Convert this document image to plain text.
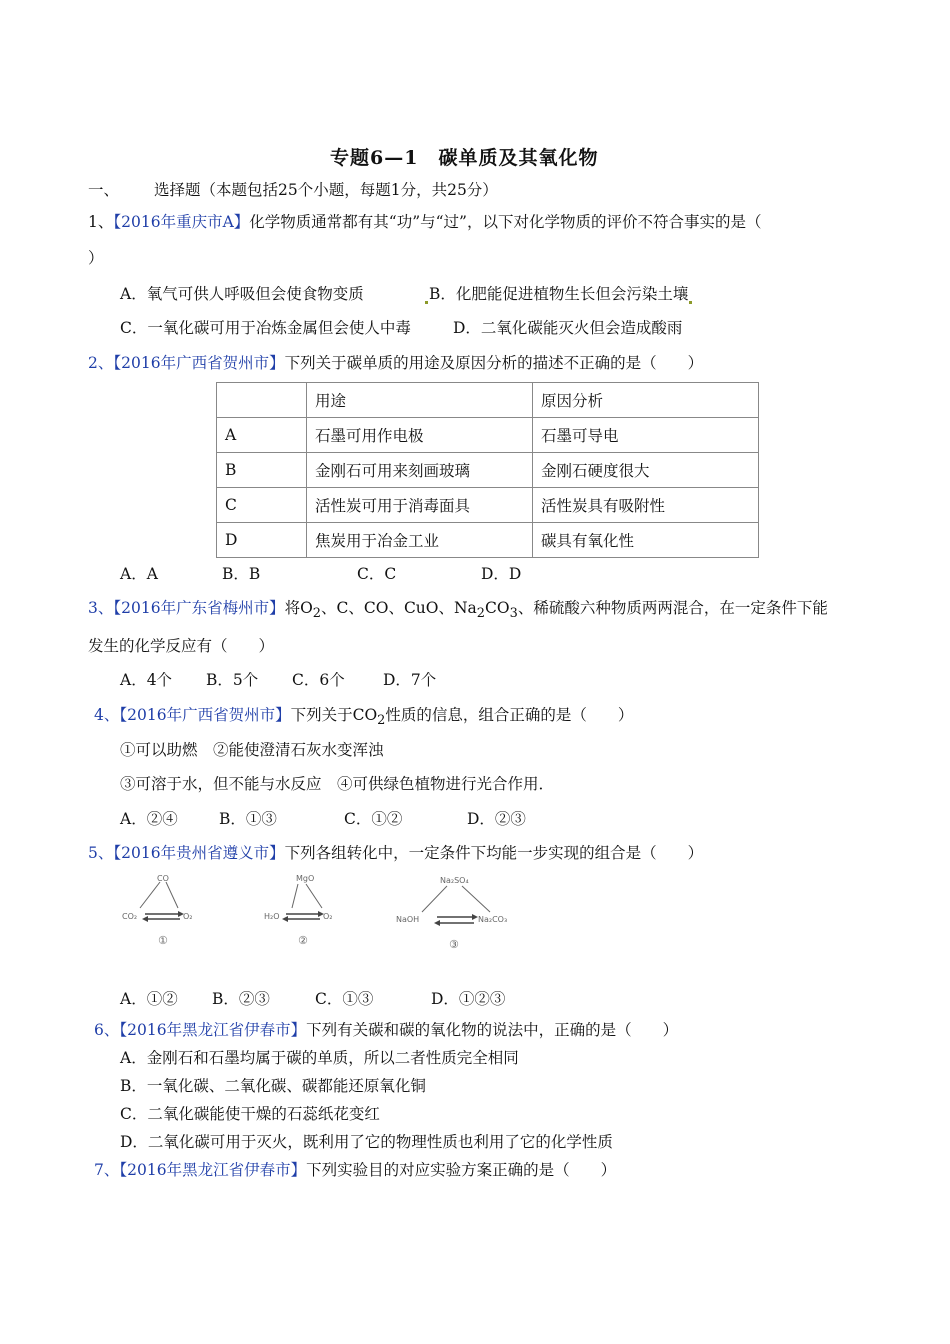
专题6—1　碳单质及其氧化物
一、 选择题（本题包括25个小题，每题1分，共25分）
1、【2016年重庆市A】化学物质通常都有其“功”与“过”，以下对化学物质的评价不符合事实的是（
）
A．氧气可供人呼吸但会使食物变质	B．化肥能促进植物生长但会污染土壤
C．一氧化碳可用于冶炼金属但会使人中毒	D．二氧化碳能灭火但会造成酸雨
2、【2016年广西省贺州市】下列关于碳单质的用途及原因分析的描述不正确的是（　　）
	用途	原因分析
A	石墨可用作电极	石墨可导电
B	金刚石可用来刻画玻璃	金刚石硬度很大
C	活性炭可用于消毒面具	活性炭具有吸附性
D	焦炭用于冶金工业	碳具有氧化性
A．A	B．B	C．C	D．D
3、【2016年广东省梅州市】将$O_2$、C、CO、CuO、$Na_2CO_3$、稀硫酸六种物质两两混合，在一定条件下能
发生的化学反应有（　　）
A．4个 B．5个 C．6个 D．7个
4、【2016年广西省贺州市】下列关于$CO_2$性质的信息，组合正确的是（　　）
①可以助燃　②能使澄清石灰水变浑浊
③可溶于水，但不能与水反应　④可供绿色植物进行光合作用．
A．②④	B．①③	C．①②	D．②③
5、【2016年贵州省遵义市】下列各组转化中，一定条件下均能一步实现的组合是（　　）
CO
CO₂	O₂
①
MgO
H₂O	O₂
②
Na₂SO₄
NaOH	Na₂CO₃
③
A．①② B．②③	C．①③	D．①②③
6、【2016年黑龙江省伊春市】下列有关碳和碳的氧化物的说法中，正确的是（　　）
A．金刚石和石墨均属于碳的单质，所以二者性质完全相同
B．一氧化碳、二氧化碳、碳都能还原氧化铜
C．二氧化碳能使干燥的石蕊纸花变红
D．二氧化碳可用于灭火，既利用了它的物理性质也利用了它的化学性质
7、【2016年黑龙江省伊春市】下列实验目的对应实验方案正确的是（　　）
